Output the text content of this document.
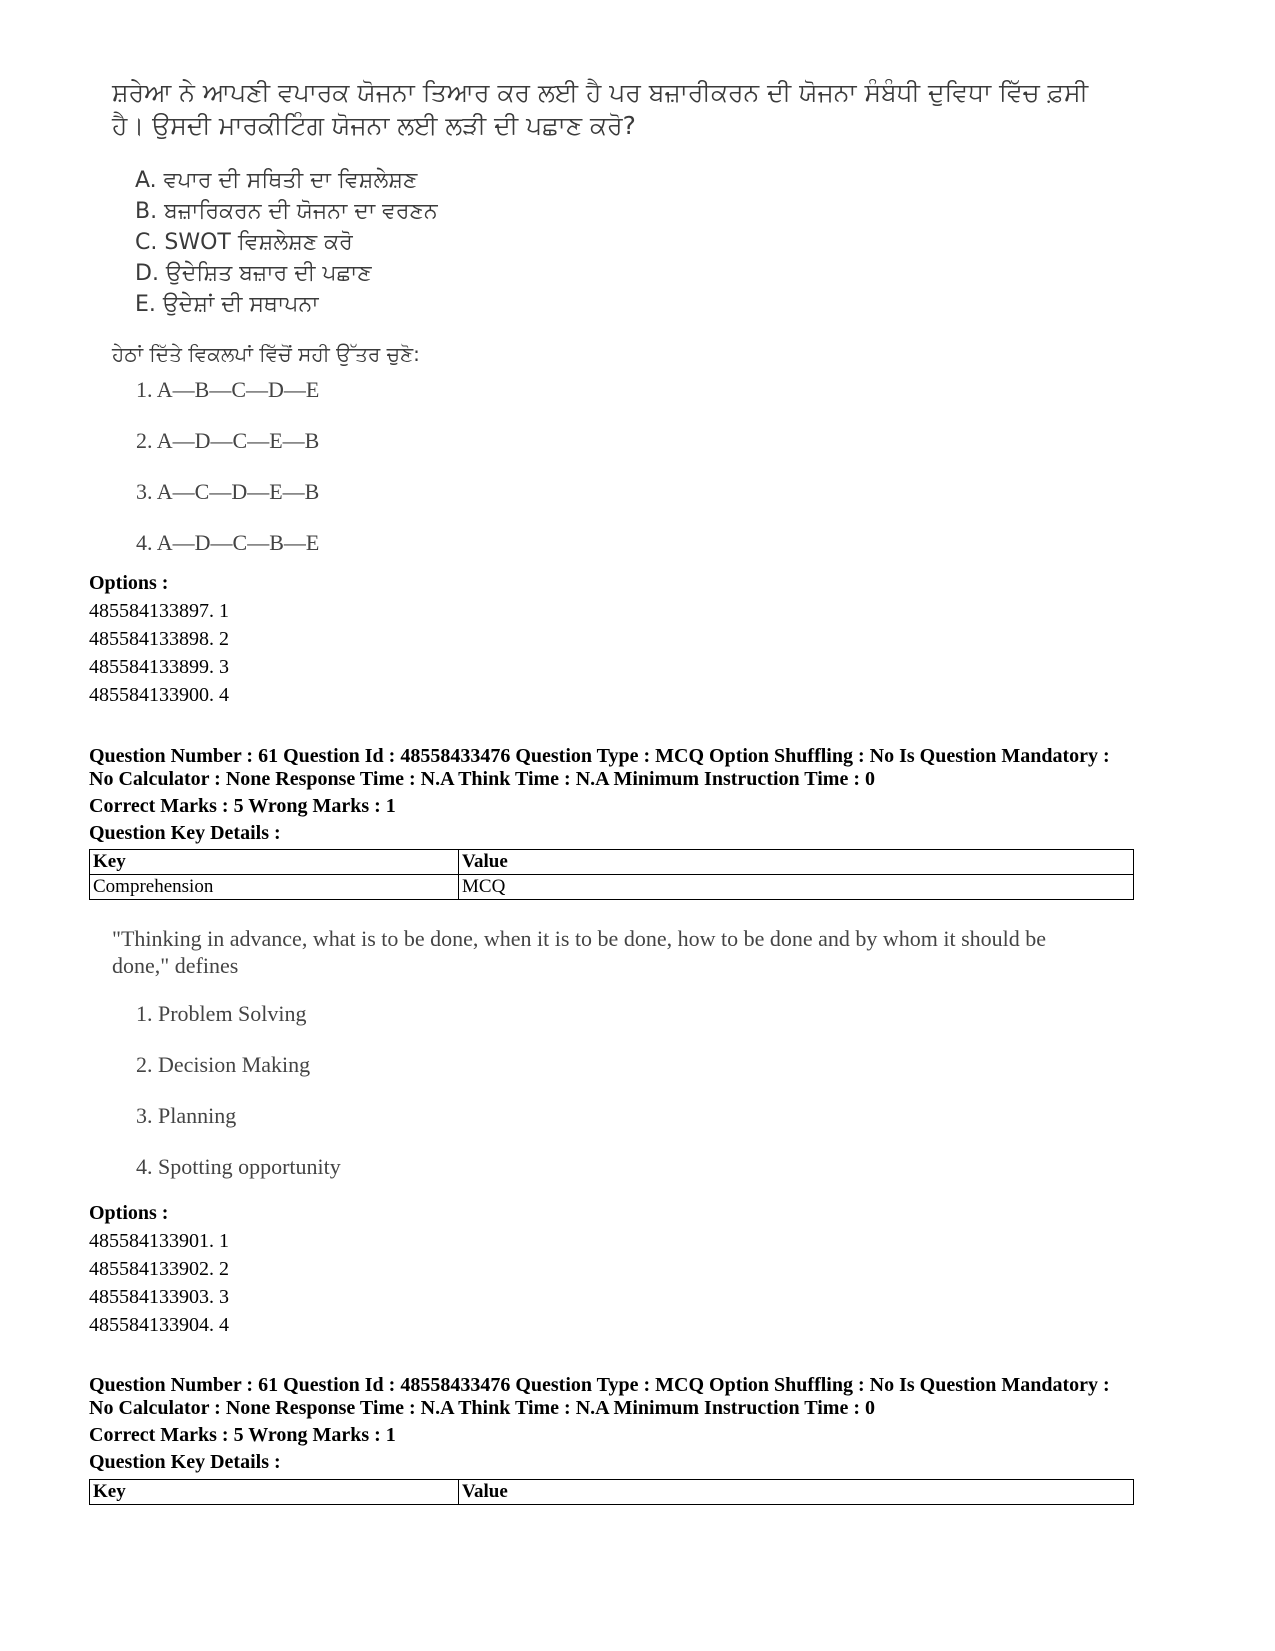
ਸ਼ਰੇਆ ਨੇ ਆਪਣੀ ਵਪਾਰਕ ਯੋਜਨਾ ਤਿਆਰ ਕਰ ਲਈ ਹੈ ਪਰ ਬਜ਼ਾਰੀਕਰਨ ਦੀ ਯੋਜਨਾ ਸੰਬੰਧੀ ਦੁਵਿਧਾ ਵਿੱਚ ਫ਼ਸੀ ਹੈ। ਉਸਦੀ ਮਾਰਕੀਟਿੰਗ ਯੋਜਨਾ ਲਈ ਲੜੀ ਦੀ ਪਛਾਣ ਕਰੋ?
A. ਵਪਾਰ ਦੀ ਸਥਿਤੀ ਦਾ ਵਿਸ਼ਲੇਸ਼ਣ
B. ਬਜ਼ਾਰਿਕਰਨ ਦੀ ਯੋਜਨਾ ਦਾ ਵਰਣਨ
C. SWOT ਵਿਸ਼ਲੇਸ਼ਣ ਕਰੋ
D. ਉਦੇਸ਼ਿਤ ਬਜ਼ਾਰ ਦੀ ਪਛਾਣ
E. ਉਦੇਸ਼ਾਂ ਦੀ ਸਥਾਪਨਾ
ਹੇਠਾਂ ਦਿੱਤੇ ਵਿਕਲਪਾਂ ਵਿੱਚੋਂ ਸਹੀ ਉੱਤਰ ਚੁਣੋ:
1. A—B—C—D—E
2. A—D—C—E—B
3. A—C—D—E—B
4. A—D—C—B—E
Options :
485584133897. 1
485584133898. 2
485584133899. 3
485584133900. 4
Question Number : 61 Question Id : 48558433476 Question Type : MCQ Option Shuffling : No Is Question Mandatory :
No Calculator : None Response Time : N.A Think Time : N.A Minimum Instruction Time : 0
Correct Marks : 5 Wrong Marks : 1
Question Key Details :
Key	Value
Comprehension	MCQ
"Thinking in advance, what is to be done, when it is to be done, how to be done and by whom it should be done," defines
1. Problem Solving
2. Decision Making
3. Planning
4. Spotting opportunity
Options :
485584133901. 1
485584133902. 2
485584133903. 3
485584133904. 4
Question Number : 61 Question Id : 48558433476 Question Type : MCQ Option Shuffling : No Is Question Mandatory :
No Calculator : None Response Time : N.A Think Time : N.A Minimum Instruction Time : 0
Correct Marks : 5 Wrong Marks : 1
Question Key Details :
Key	Value
